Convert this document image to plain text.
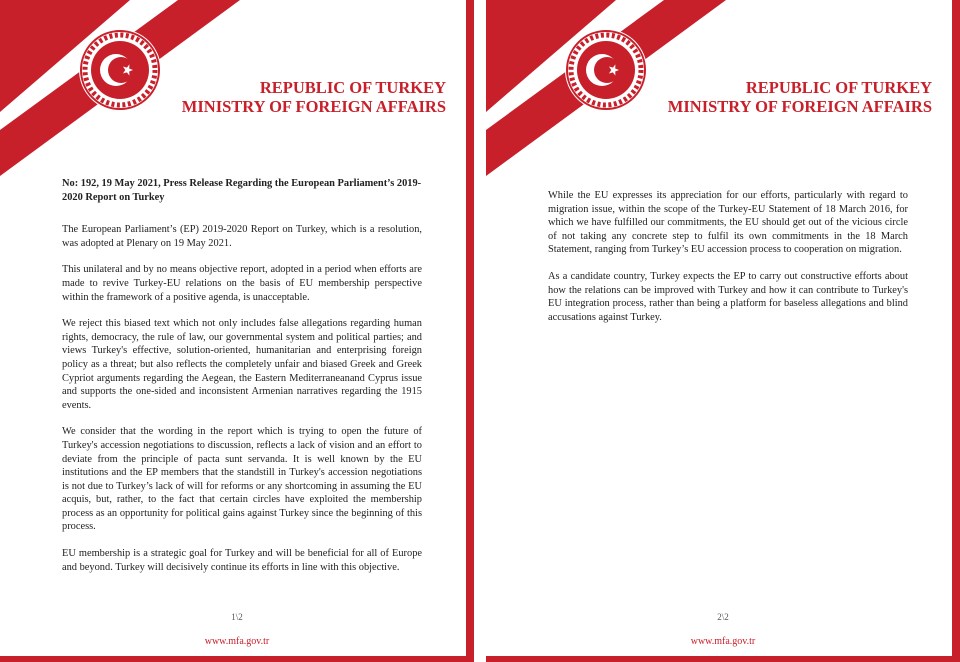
REPUBLIC OF TURKEY
MINISTRY OF FOREIGN AFFAIRS
No: 192, 19 May 2021, Press Release Regarding the European Parliament’s 2019-2020 Report on Turkey

The European Parliament’s (EP) 2019-2020 Report on Turkey, which is a resolution, was adopted at Plenary on 19 May 2021.

This unilateral and by no means objective report, adopted in a period when efforts are made to revive Turkey-EU relations on the basis of EU membership perspective within the framework of a positive agenda, is unacceptable.

We reject this biased text which not only includes false allegations regarding human rights, democracy, the rule of law, our governmental system and political parties; and views Turkey's effective, solution-oriented, humanitarian and enterprising foreign policy as a threat; but also reflects the completely unfair and biased Greek and Greek Cypriot arguments regarding the Aegean, the Eastern Mediterraneanand Cyprus issue and supports the one-sided and inconsistent Armenian narratives regarding the 1915 events.

We consider that the wording in the report which is trying to open the future of Turkey's accession negotiations to discussion, reflects a lack of vision and an effort to deviate from the principle of pacta sunt servanda. It is well known by the EU institutions and the EP members that the standstill in Turkey's accession negotiations is not due to Turkey’s lack of will for reforms or any shortcoming in assuming the EU acquis, but, rather, to the fact that certain circles have exploited the membership process as an opportunity for political gains against Turkey since the beginning of this process.

EU membership is a strategic goal for Turkey and will be beneficial for all of Europe and beyond. Turkey will decisively continue its efforts in line with this objective.

1\2
www.mfa.gov.tr
REPUBLIC OF TURKEY
MINISTRY OF FOREIGN AFFAIRS

While the EU expresses its appreciation for our efforts, particularly with regard to migration issue, within the scope of the Turkey-EU Statement of 18 March 2016, for which we have fulfilled our commitments, the EU should get out of the vicious circle of not taking any concrete step to fulfil its own commitments in the 18 March Statement, ranging from Turkey’s EU accession process to cooperation on migration.

As a candidate country, Turkey expects the EP to carry out constructive efforts about how the relations can be improved with Turkey and how it can contribute to Turkey's EU integration process, rather than being a platform for baseless allegations and blind accusations against Turkey.

2\2
www.mfa.gov.tr
